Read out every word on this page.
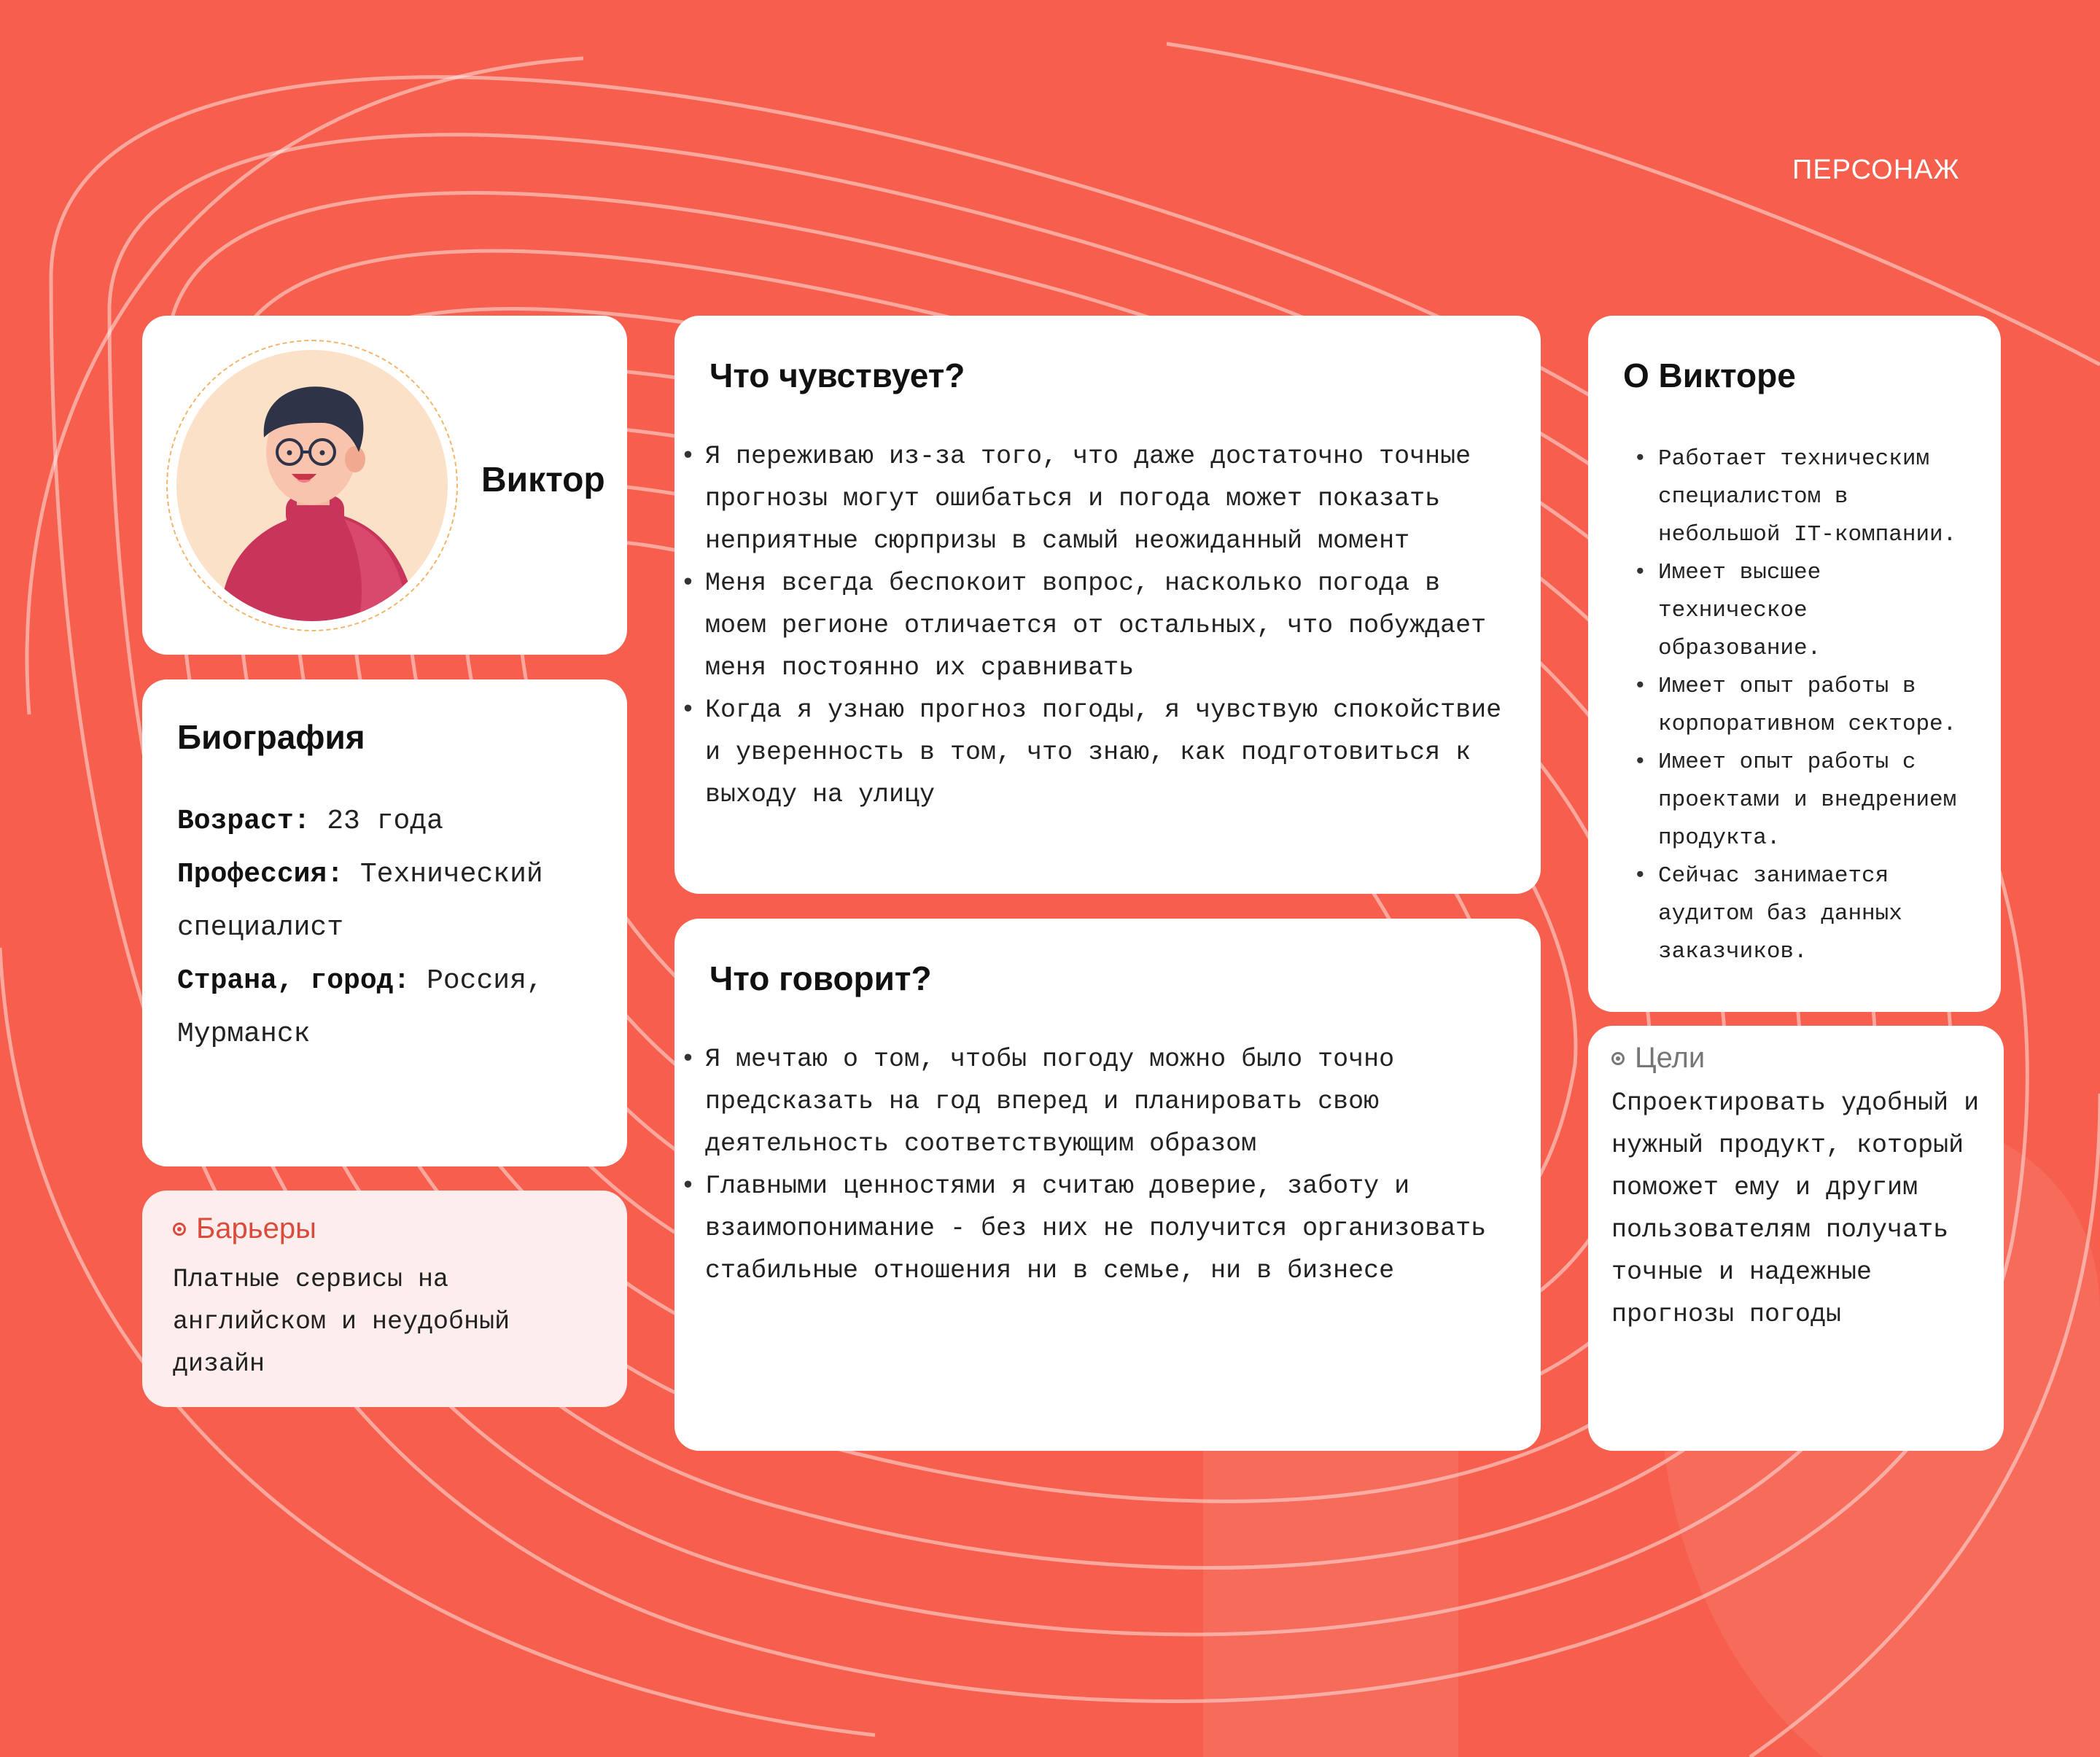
ПЕРСОНАЖ
Виктор
Биография
Возраст: 23 года
Профессия: Технический специалист
Страна, город: Россия, Мурманск
Барьеры
Платные сервисы на английском и неудобный дизайн
Что чувствует?
• Я переживаю из-за того, что даже достаточно точные прогнозы могут ошибаться и погода может показать неприятные сюрпризы в самый неожиданный момент
• Меня всегда беспокоит вопрос, насколько погода в моем регионе отличается от остальных, что побуждает меня постоянно их сравнивать
• Когда я узнаю прогноз погоды, я чувствую спокойствие и уверенность в том, что знаю, как подготовиться к выходу на улицу
Что говорит?
• Я мечтаю о том, чтобы погоду можно было точно предсказать на год вперед и планировать свою деятельность соответствующим образом
• Главными ценностями я считаю доверие, заботу и взаимопонимание - без них не получится организовать стабильные отношения ни в семье, ни в бизнесе
О Викторе
• Работает техническим специалистом в небольшой IT-компании.
• Имеет высшее техническое образование.
• Имеет опыт работы в корпоративном секторе.
• Имеет опыт работы с проектами и внедрением продукта.
• Сейчас занимается аудитом баз данных заказчиков.
Цели
Спроектировать удобный и нужный продукт, который поможет ему и другим пользователям получать точные и надежные прогнозы погоды
